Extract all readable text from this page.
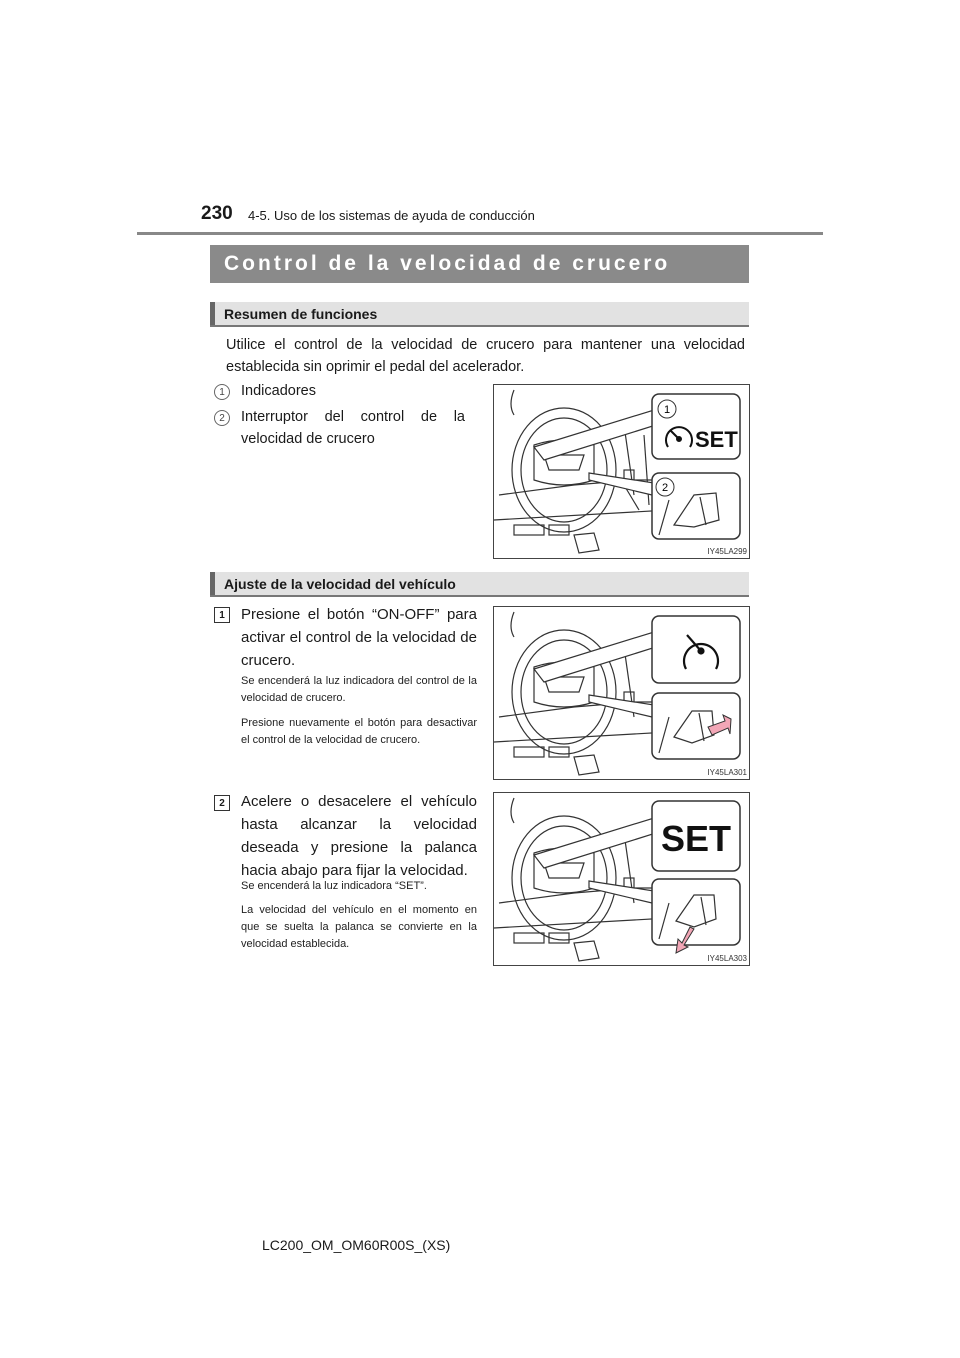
230 4-5. Uso de los sistemas de ayuda de conducción
Control de la velocidad de crucero
Resumen de funciones
Utilice el control de la velocidad de crucero para mantener una velocidad establecida sin oprimir el pedal del acelerador.
1	Indicadores
2	Interruptor del control de la velocidad de crucero
1
SET
2
IY45LA299
Ajuste de la velocidad del vehículo
1	Presione el botón “ON-OFF” para activar el control de la velocidad de crucero.
Se encenderá la luz indicadora del control de la velocidad de crucero.
Presione nuevamente el botón para desactivar el control de la velocidad de crucero.
IY45LA301
2	Acelere o desacelere el vehículo hasta alcanzar la velocidad deseada y presione la palanca hacia abajo para fijar la velocidad.
Se encenderá la luz indicadora “SET”.
La velocidad del vehículo en el momento en que se suelta la palanca se convierte en la velocidad establecida.
SET
IY45LA303
LC200_OM_OM60R00S_(XS)
